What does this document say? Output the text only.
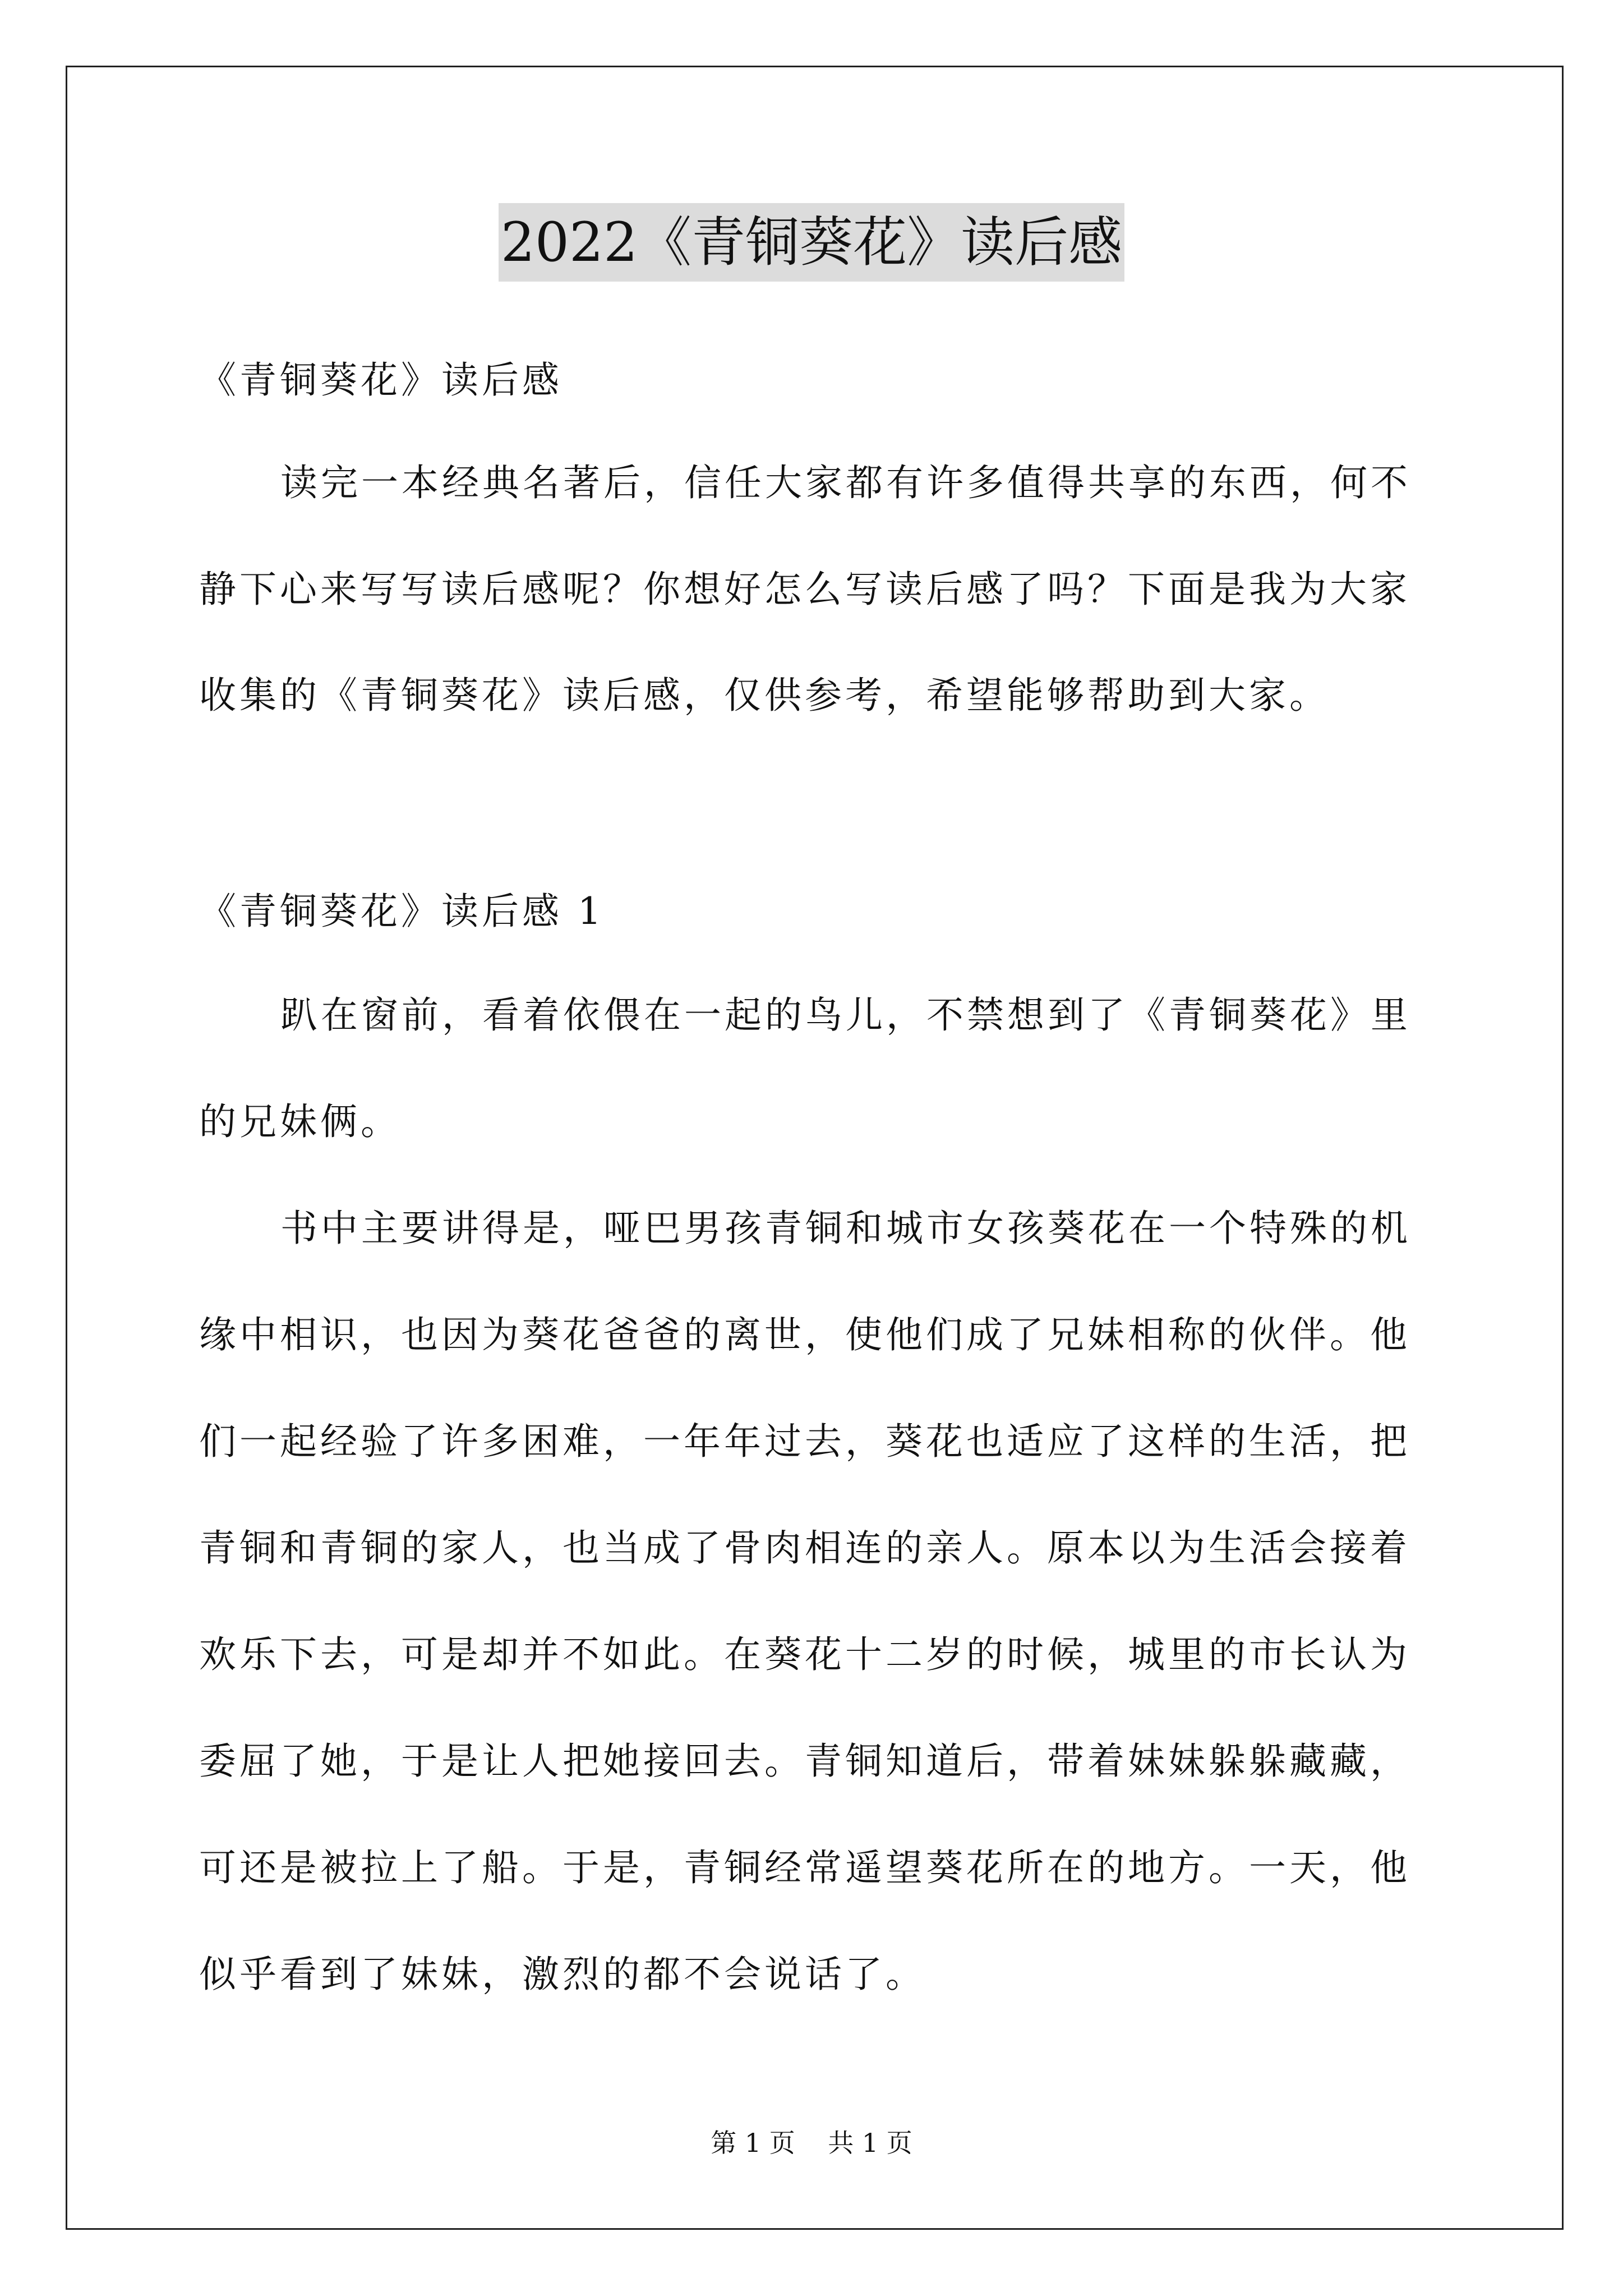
2022《青铜葵花》读后感
《青铜葵花》读后感
读完一本经典名著后，信任大家都有许多值得共享的东西，何不
静下心来写写读后感呢？你想好怎么写读后感了吗？下面是我为大家
收集的《青铜葵花》读后感，仅供参考，希望能够帮助到大家。
《青铜葵花》读后感 1
趴在窗前，看着依偎在一起的鸟儿，不禁想到了《青铜葵花》里
的兄妹俩。
书中主要讲得是，哑巴男孩青铜和城市女孩葵花在一个特殊的机
缘中相识，也因为葵花爸爸的离世，使他们成了兄妹相称的伙伴。他
们一起经验了许多困难，一年年过去，葵花也适应了这样的生活，把
青铜和青铜的家人，也当成了骨肉相连的亲人。原本以为生活会接着
欢乐下去，可是却并不如此。在葵花十二岁的时候，城里的市长认为
委屈了她，于是让人把她接回去。青铜知道后，带着妹妹躲躲藏藏，
可还是被拉上了船。于是，青铜经常遥望葵花所在的地方。一天，他
似乎看到了妹妹，激烈的都不会说话了。
第 1 页    共 1 页
